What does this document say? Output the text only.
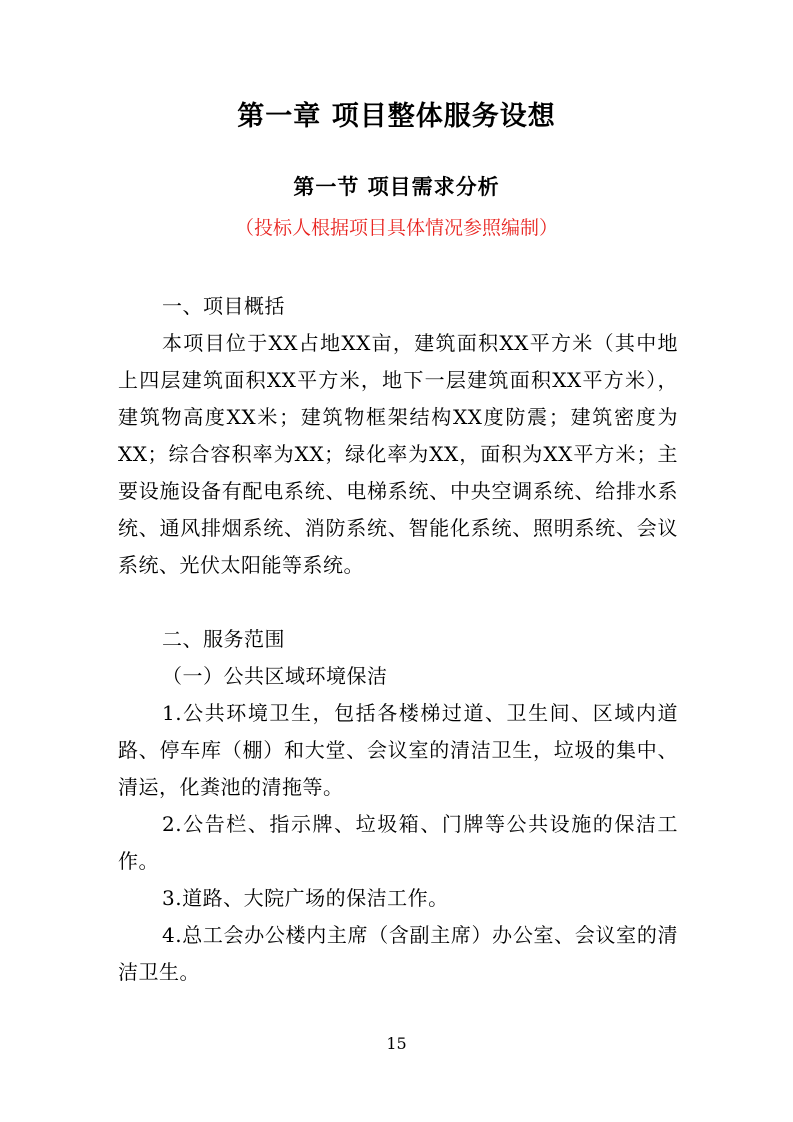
第一章 项目整体服务设想
第一节 项目需求分析
（投标人根据项目具体情况参照编制）

一、项目概括

本项目位于XX占地XX亩，建筑面积XX平方米（其中地上四层建筑面积XX平方米，地下一层建筑面积XX平方米），建筑物高度XX米；建筑物框架结构XX度防震；建筑密度为XX；综合容积率为XX；绿化率为XX，面积为XX平方米；主要设施设备有配电系统、电梯系统、中央空调系统、给排水系统、通风排烟系统、消防系统、智能化系统、照明系统、会议系统、光伏太阳能等系统。

二、服务范围

（一）公共区域环境保洁

1.公共环境卫生，包括各楼梯过道、卫生间、区域内道路、停车库（棚）和大堂、会议室的清洁卫生，垃圾的集中、清运，化粪池的清拖等。

2.公告栏、指示牌、垃圾箱、门牌等公共设施的保洁工作。

3.道路、大院广场的保洁工作。

4.总工会办公楼内主席（含副主席）办公室、会议室的清洁卫生。

15
